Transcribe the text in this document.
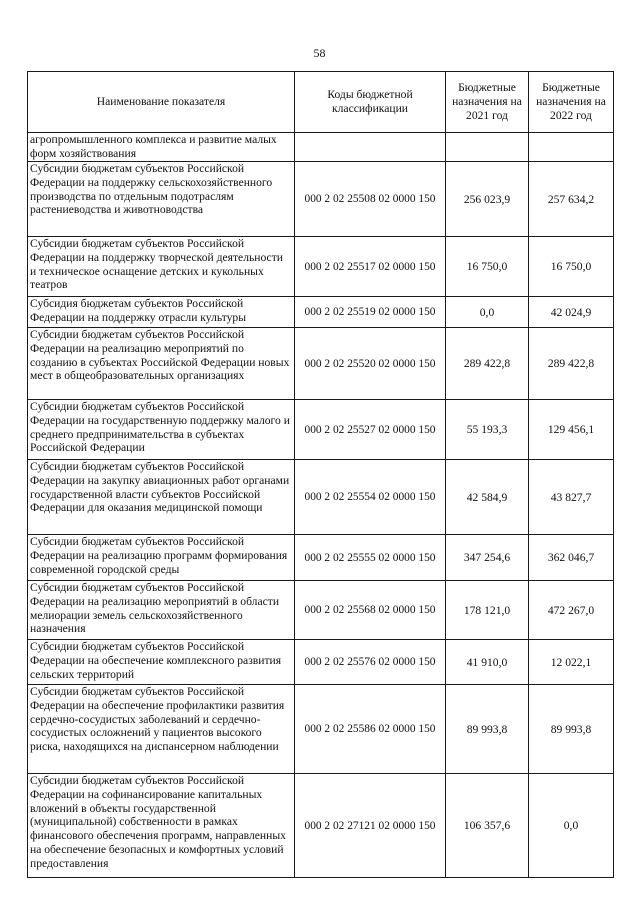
58
Наименование показателя	Коды бюджетной классификации	Бюджетные назначения на 2021 год	Бюджетные назначения на 2022 год
агропромышленного комплекса и развитие малых форм хозяйствования			
Субсидии бюджетам субъектов Российской Федерации на поддержку сельскохозяйственного производства по отдельным подотраслям растениеводства и животноводства	000 2 02 25508 02 0000 150	256 023,9	257 634,2
Субсидии бюджетам субъектов Российской Федерации на поддержку творческой деятельности и техническое оснащение детских и кукольных театров	000 2 02 25517 02 0000 150	16 750,0	16 750,0
Субсидия бюджетам субъектов Российской Федерации на поддержку отрасли культуры	000 2 02 25519 02 0000 150	0,0	42 024,9
Субсидии бюджетам субъектов Российской Федерации на реализацию мероприятий по созданию в субъектах Российской Федерации новых мест в общеобразовательных организациях	000 2 02 25520 02 0000 150	289 422,8	289 422,8
Субсидии бюджетам субъектов Российской Федерации на государственную поддержку малого и среднего предпринимательства в субъектах Российской Федерации	000 2 02 25527 02 0000 150	55 193,3	129 456,1
Субсидии бюджетам субъектов Российской Федерации на закупку авиационных работ органами государственной власти субъектов Российской Федерации для оказания медицинской помощи	000 2 02 25554 02 0000 150	42 584,9	43 827,7
Субсидии бюджетам субъектов Российской Федерации на реализацию программ формирования современной городской среды	000 2 02 25555 02 0000 150	347 254,6	362 046,7
Субсидии бюджетам субъектов Российской Федерации на реализацию мероприятий в области мелиорации земель сельскохозяйственного назначения	000 2 02 25568 02 0000 150	178 121,0	472 267,0
Субсидии бюджетам субъектов Российской Федерации на обеспечение комплексного развития сельских территорий	000 2 02 25576 02 0000 150	41 910,0	12 022,1
Субсидии бюджетам субъектов Российской Федерации на обеспечение профилактики развития сердечно-сосудистых заболеваний и сердечно-сосудистых осложнений у пациентов высокого риска, находящихся на диспансерном наблюдении	000 2 02 25586 02 0000 150	89 993,8	89 993,8
Субсидии бюджетам субъектов Российской Федерации на софинансирование капитальных вложений в объекты государственной (муниципальной) собственности в рамках финансового обеспечения программ, направленных на обеспечение безопасных и комфортных условий предоставления	000 2 02 27121 02 0000 150	106 357,6	0,0
